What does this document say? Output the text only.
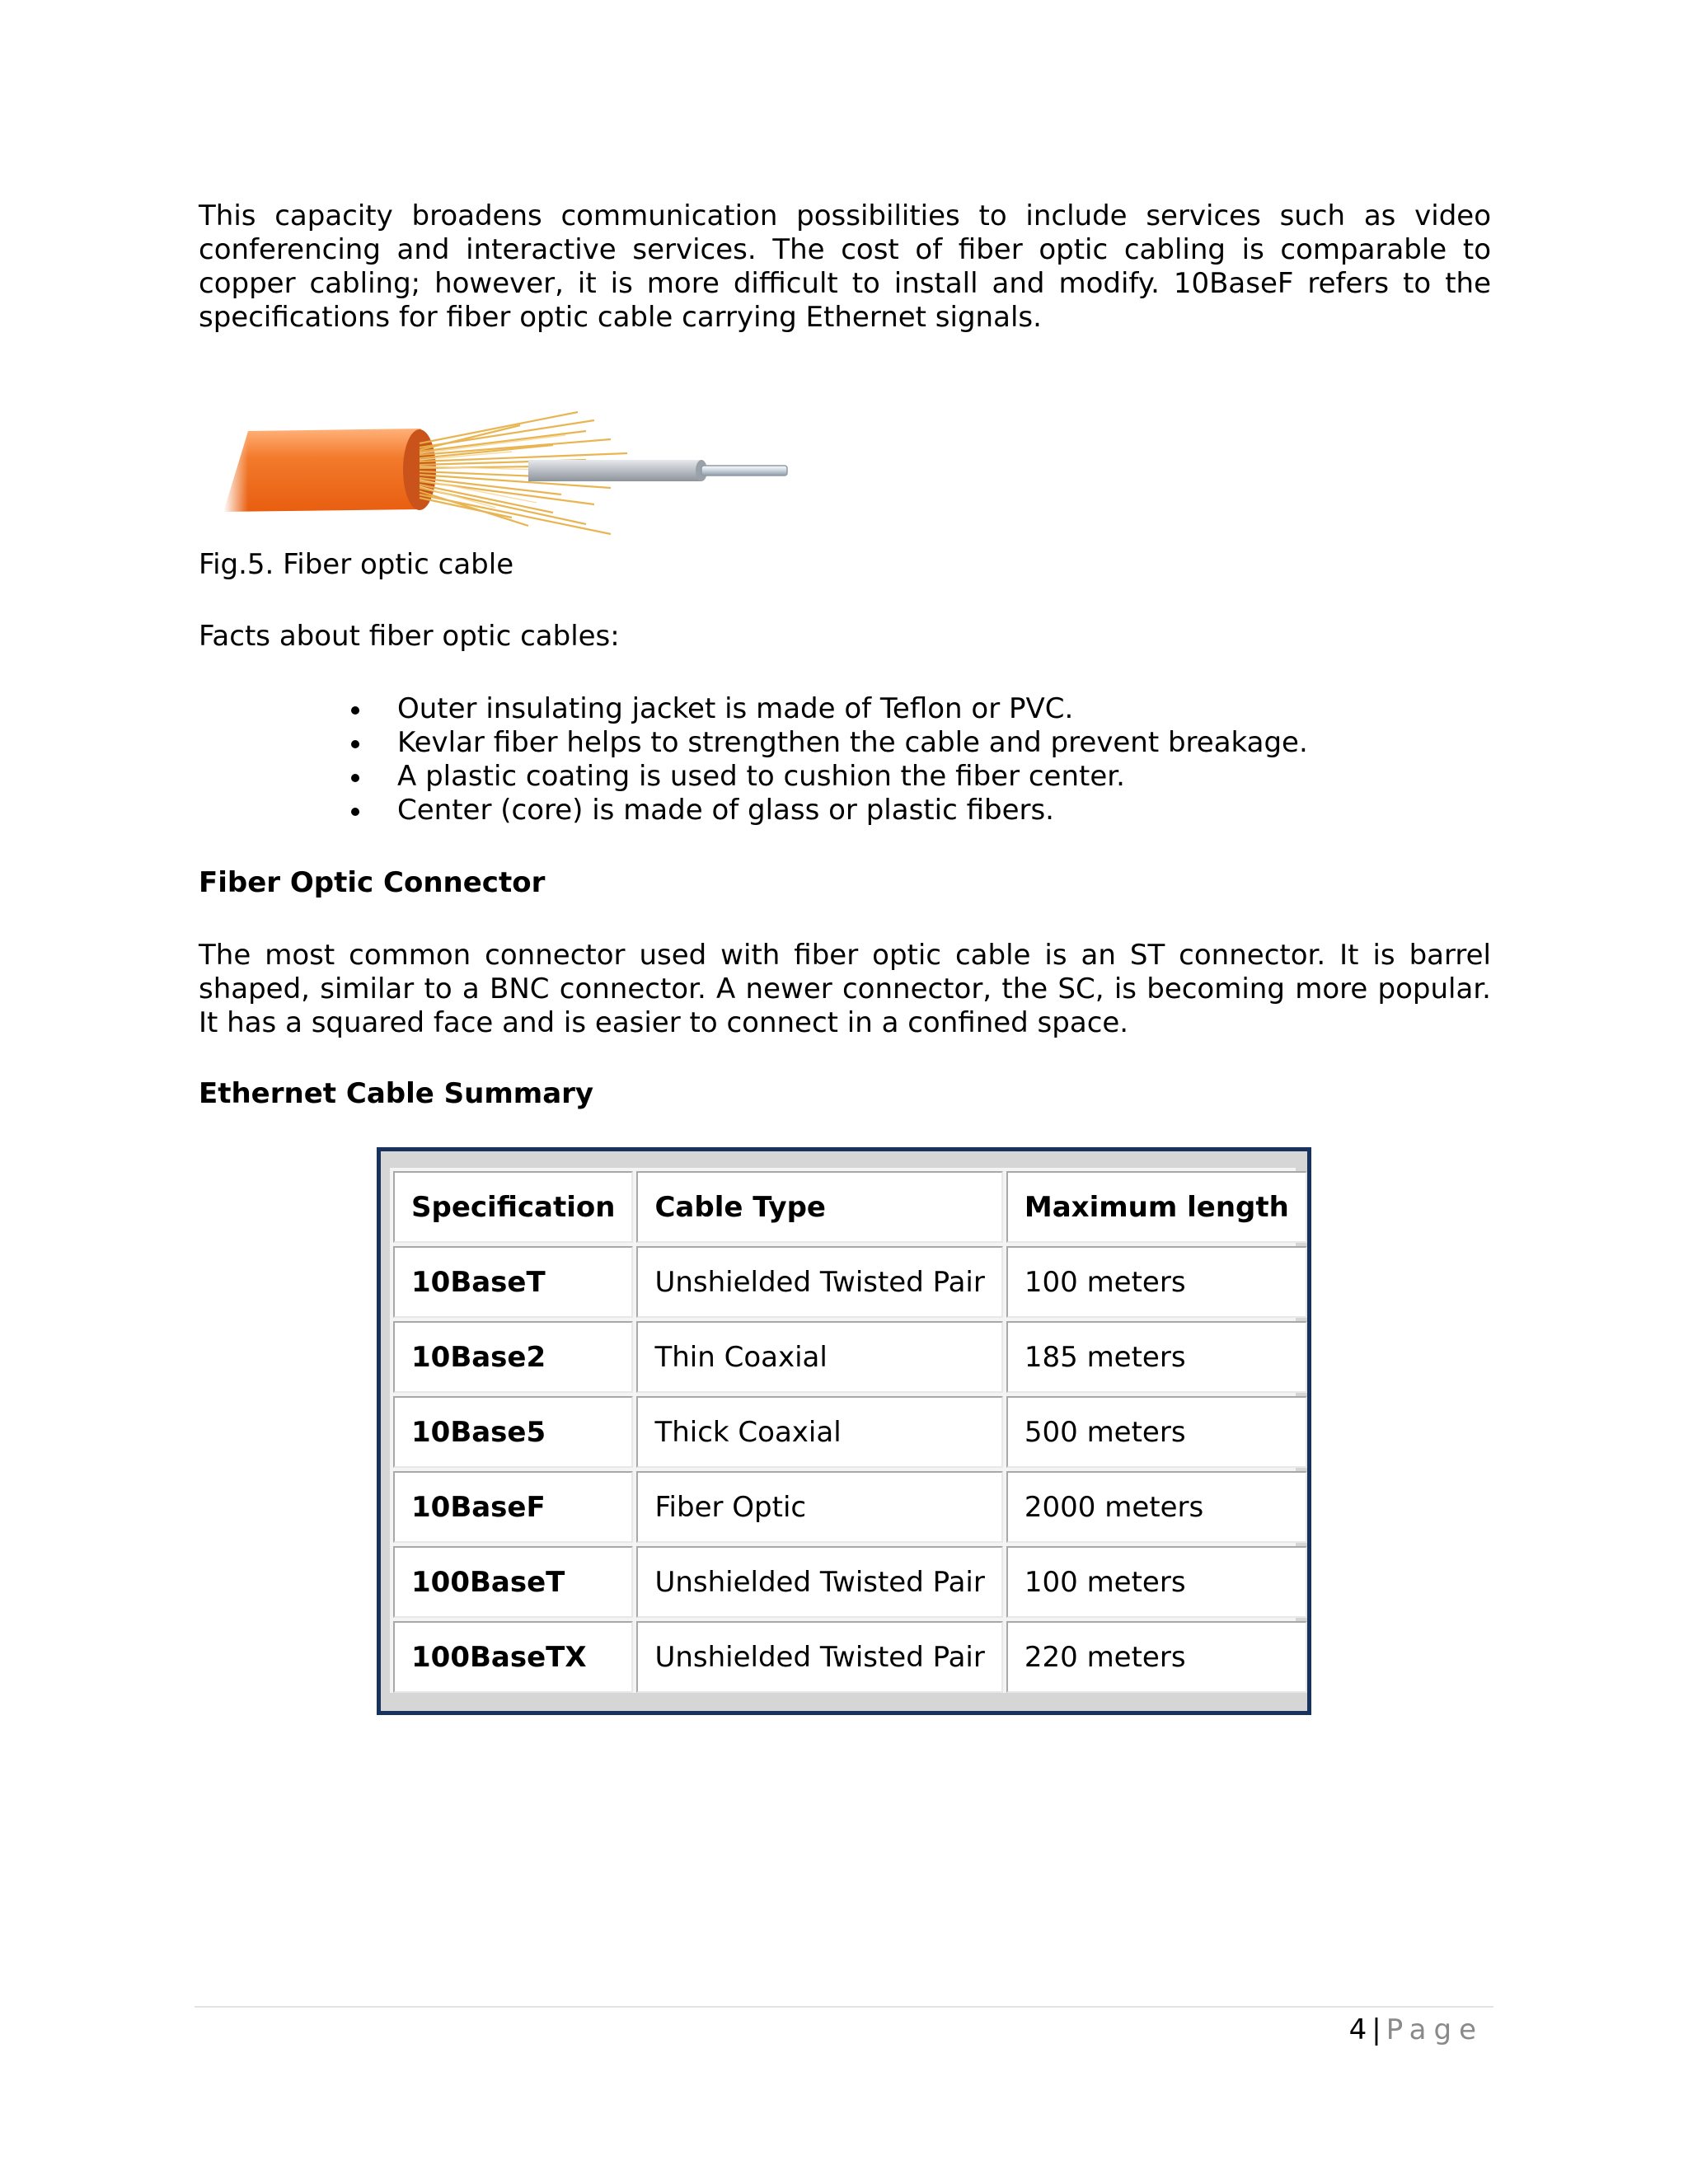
This capacity broadens communication possibilities to include services such as video conferencing and interactive services. The cost of fiber optic cabling is comparable to copper cabling; however, it is more difficult to install and modify. 10BaseF refers to the specifications for fiber optic cable carrying Ethernet signals.

Fig.5. Fiber optic cable

Facts about fiber optic cables:

Outer insulating jacket is made of Teflon or PVC.
Kevlar fiber helps to strengthen the cable and prevent breakage.
A plastic coating is used to cushion the fiber center.
Center (core) is made of glass or plastic fibers.
Fiber Optic Connector

The most common connector used with fiber optic cable is an ST connector. It is barrel shaped, similar to a BNC connector. A newer connector, the SC, is becoming more popular. It has a squared face and is easier to connect in a confined space.

Ethernet Cable Summary
Specification	Cable Type	Maximum length
10BaseT	Unshielded Twisted Pair	100 meters
10Base2	Thin Coaxial	185 meters
10Base5	Thick Coaxial	500 meters
10BaseF	Fiber Optic	2000 meters
100BaseT	Unshielded Twisted Pair	100 meters
100BaseTX	Unshielded Twisted Pair	220 meters
4 | Page
